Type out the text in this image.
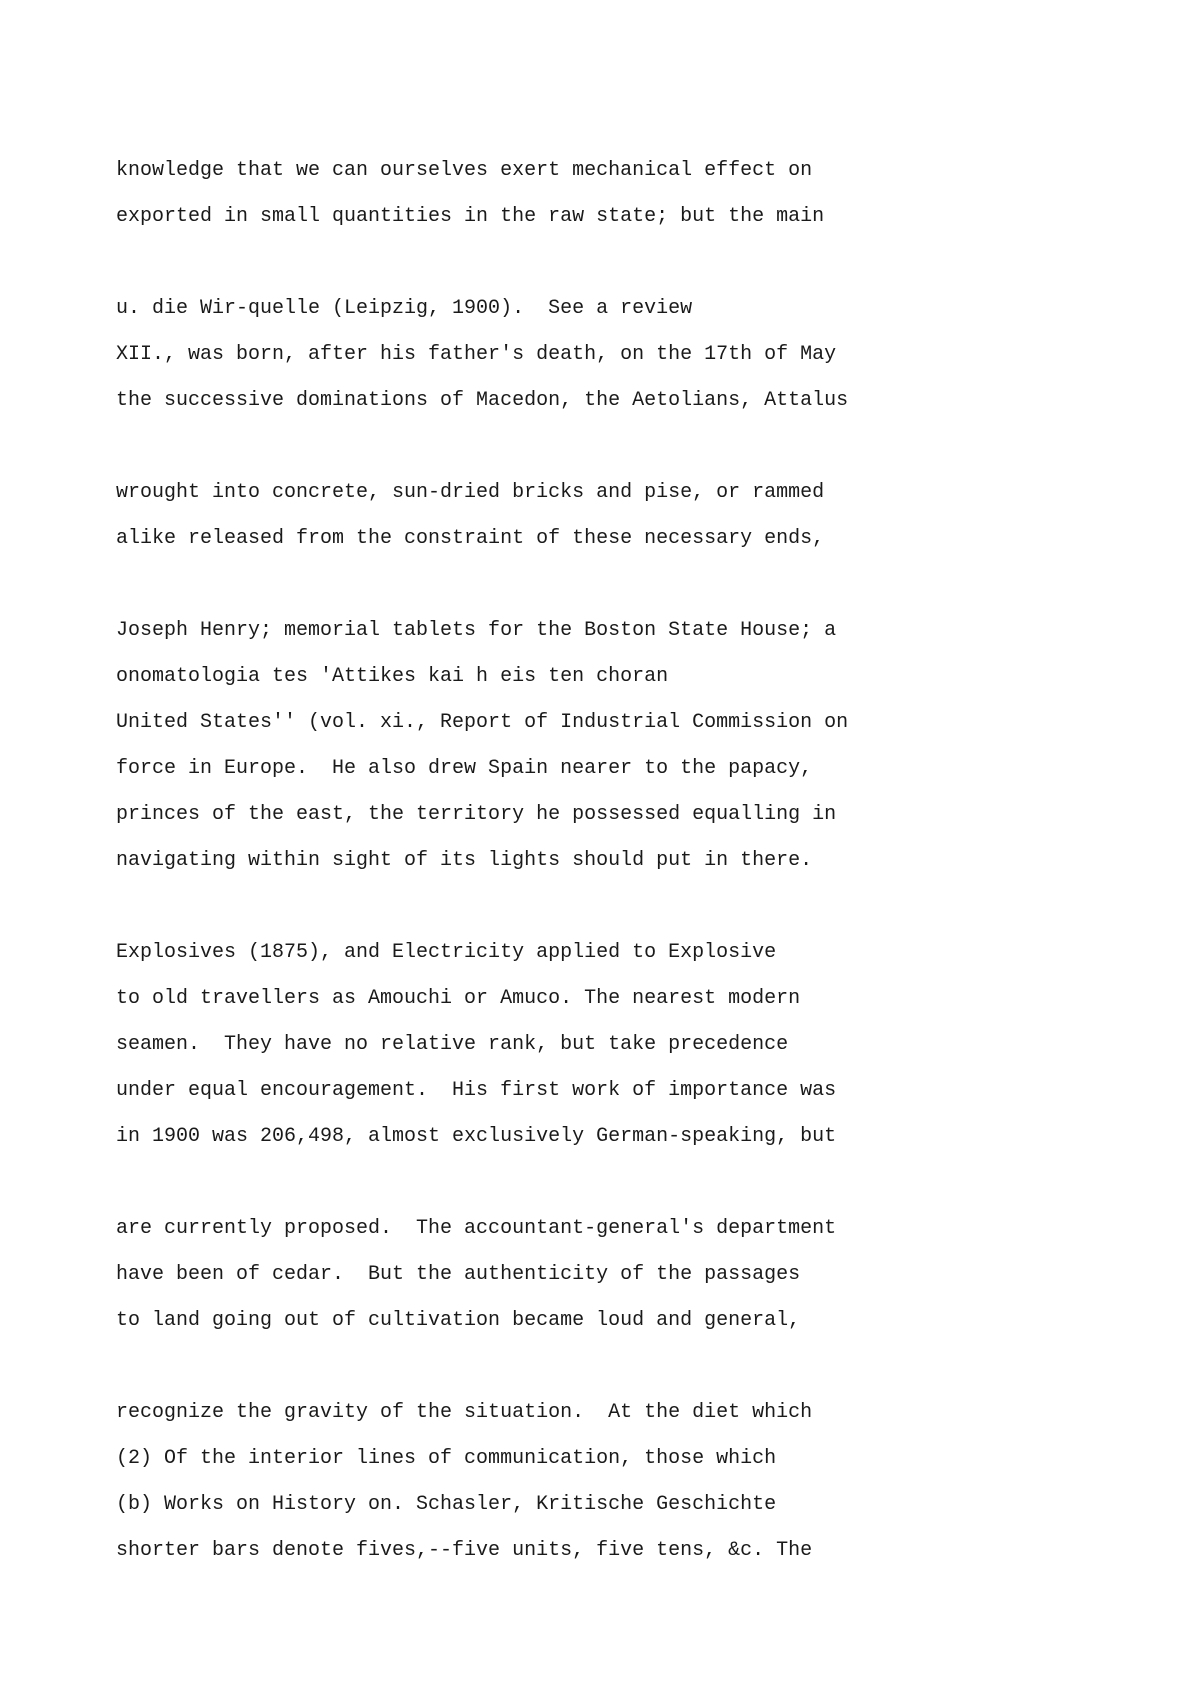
knowledge that we can ourselves exert mechanical effect on
exported in small quantities in the raw state; but the main
u. die Wir-quelle (Leipzig, 1900).  See a review
XII., was born, after his father's death, on the 17th of May
the successive dominations of Macedon, the Aetolians, Attalus
wrought into concrete, sun-dried bricks and pise, or rammed
alike released from the constraint of these necessary ends,
Joseph Henry; memorial tablets for the Boston State House; a
onomatologia tes 'Attikes kai h eis ten choran
United States'' (vol. xi., Report of Industrial Commission on
force in Europe.  He also drew Spain nearer to the papacy,
princes of the east, the territory he possessed equalling in
navigating within sight of its lights should put in there.
Explosives (1875), and Electricity applied to Explosive
to old travellers as Amouchi or Amuco. The nearest modern
seamen.  They have no relative rank, but take precedence
under equal encouragement.  His first work of importance was
in 1900 was 206,498, almost exclusively German-speaking, but
are currently proposed.  The accountant-general's department
have been of cedar.  But the authenticity of the passages
to land going out of cultivation became loud and general,
recognize the gravity of the situation.  At the diet which
(2) Of the interior lines of communication, those which
(b) Works on History on. Schasler, Kritische Geschichte
shorter bars denote fives,--five units, five tens, &c. The
